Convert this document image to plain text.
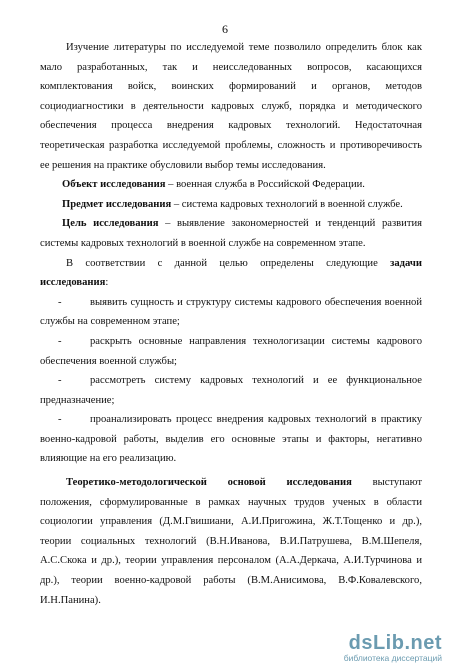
6

Изучение литературы по исследуемой теме позволило определить блок как мало разработанных, так и неисследованных вопросов, касающихся комплектования войск, воинских формирований и органов, методов социодиагностики в деятельности кадровых служб, порядка и методического обеспечения процесса внедрения кадровых технологий. Недостаточная теоретическая разработка исследуемой проблемы, сложность и противоречивость ее решения на практике обусловили выбор темы исследования.

Объект исследования – военная служба в Российской Федерации.

Предмет исследования – система кадровых технологий в военной службе.

Цель исследования – выявление закономерностей и тенденций развития системы кадровых технологий в военной службе на современном этапе.

В соответствии с данной целью определены следующие задачи исследования:

-	выявить сущность и структуру системы кадрового обеспечения военной службы на современном этапе;

-	раскрыть основные направления технологизации системы кадрового обеспечения военной службы;

-	рассмотреть систему кадровых технологий и ее функциональное предназначение;

-	проанализировать процесс внедрения кадровых технологий в практику военно-кадровой работы, выделив его основные этапы и факторы, негативно влияющие на его реализацию.

Теоретико-методологической основой исследования выступают положения, сформулированные в рамках научных трудов ученых в области социологии управления (Д.М.Гвишиани, А.И.Пригожина, Ж.Т.Тощенко и др.), теории социальных технологий (В.Н.Иванова, В.И.Патрушева, В.М.Шепеля, А.С.Скока и др.), теории управления персоналом (А.А.Деркача, А.И.Турчинова и др.), теории военно-кадровой работы (В.М.Анисимова, В.Ф.Ковалевского, И.Н.Панина).

dsLib.net
библиотека диссертаций
